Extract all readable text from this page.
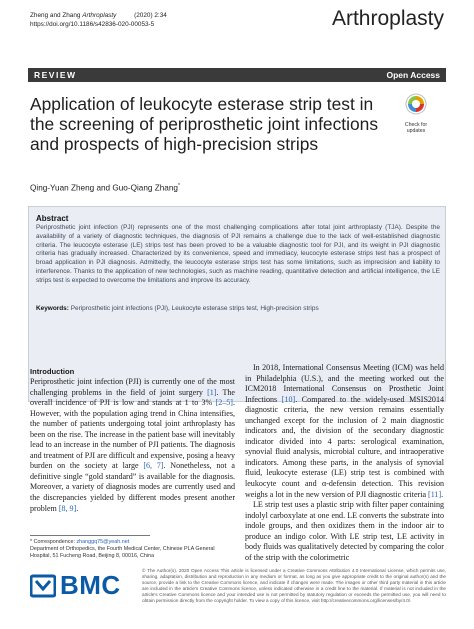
Zheng and Zhang Arthroplasty	(2020) 2:34
https://doi.org/10.1186/s42836-020-00053-5	Arthroplasty
REVIEW	Open Access
Application of leukocyte esterase strip test in the screening of periprosthetic joint infections and prospects of high-precision strips
Check for
updates
Qing-Yuan Zheng and Guo-Qiang Zhang*
Abstract
Periprosthetic joint infection (PJI) represents one of the most challenging complications after total joint arthroplasty (TJA). Despite the availability of a variety of diagnostic techniques, the diagnosis of PJI remains a challenge due to the lack of well-established diagnostic criteria. The leucocyte esterase (LE) strips test has been proved to be a valuable diagnostic tool for PJI, and its weight in PJI diagnostic criteria has gradually increased. Characterized by its convenience, speed and immediacy, leucocyte esterase strips test has a prospect of broad application in PJI diagnosis. Admittedly, the leucocyte esterase strips test has some limitations, such as imprecision and liability to interference. Thanks to the application of new technologies, such as machine reading, quantitative detection and artificial intelligence, the LE strips test is expected to overcome the limitations and improve its accuracy.
Keywords: Periprosthetic joint infections (PJI), Leukocyte esterase strips test, High-precision strips
Introduction
Periprosthetic joint infection (PJI) is currently one of the most challenging problems in the field of joint surgery [1]. The overall incidence of PJI is low and stands at 1 to 3% [2–5]. However, with the population aging trend in China intensifies, the number of patients undergoing total joint arthroplasty has been on the rise. The increase in the patient base will inevitably lead to an increase in the number of PJI patients. The diagnosis and treatment of PJI are difficult and expensive, posing a heavy burden on the society at large [6, 7]. Nonetheless, not a definitive single “gold standard” is available for the diagnosis. Moreover, a variety of diagnosis modes are currently used and the discrepancies yielded by different modes present another problem [8, 9].
In 2018, International Consensus Meeting (ICM) was held in Philadelphia (U.S.), and the meeting worked out the ICM2018 International Consensus on Prosthetic Joint Infections [10]. Compared to the widely-used MSIS2014 diagnostic criteria, the new version remains essentially unchanged except for the inclusion of 2 main diagnostic indicators and, the division of the secondary diagnostic indicator divided into 4 parts: serological examination, synovial fluid analysis, microbial culture, and intraoperative indicators. Among these parts, in the analysis of synovial fluid, leukocyte esterase (LE) strip test is combined with leukocyte count and α-defensin detection. This revision weighs a lot in the new version of PJI diagnostic criteria [11].
LE strip test uses a plastic strip with filter paper containing indolyl carboxylate at one end. LE converts the substrate into indole groups, and then oxidizes them in the indoor air to produce an indigo color. With LE strip test, LE activity in body fluids was qualitatively detected by comparing the color of the strip with the colorimetric
* Correspondence: zhanggq75@yeah.net
Department of Orthopedics, the Fourth Medical Center, Chinese PLA General Hospital, 51 Fucheng Road, Beijing 8, 00016, China
BMC	© The Author(s). 2020 Open Access This article is licensed under a Creative Commons Attribution 4.0 International License, which permits use, sharing, adaptation, distribution and reproduction in any medium or format, as long as you give appropriate credit to the original author(s) and the source, provide a link to the Creative Commons licence, and indicate if changes were made. The images or other third party material in this article are included in the article's Creative Commons licence, unless indicated otherwise in a credit line to the material. If material is not included in the article's Creative Commons licence and your intended use is not permitted by statutory regulation or exceeds the permitted use, you will need to obtain permission directly from the copyright holder. To view a copy of this licence, visit http://creativecommons.org/licenses/by/4.0/.
